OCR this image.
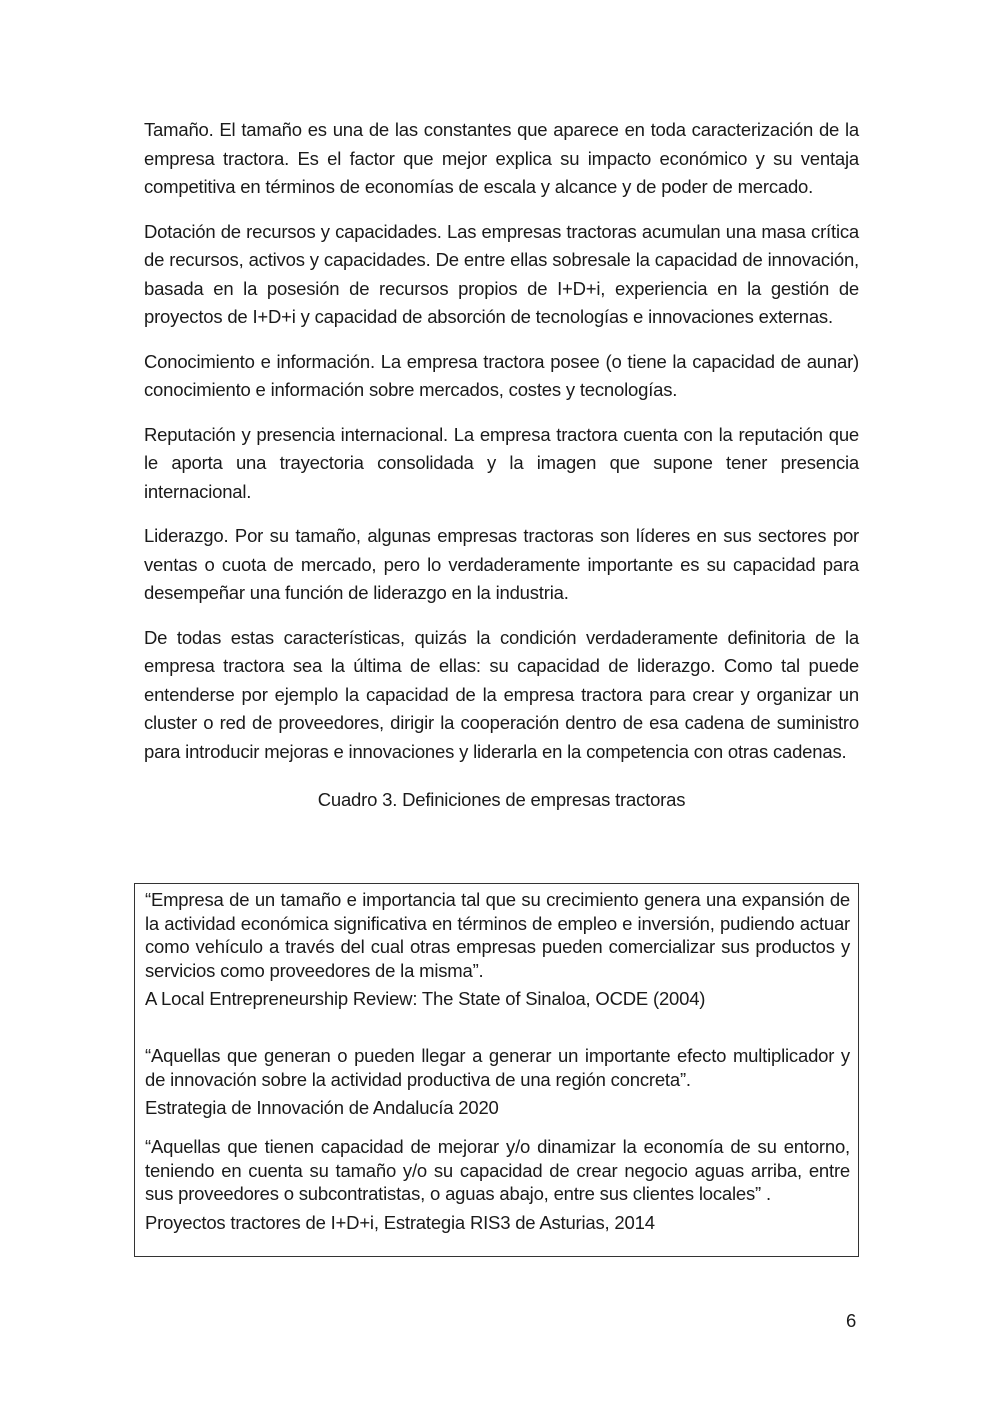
Tamaño. El tamaño es una de las constantes que aparece en toda caracterización de la empresa tractora. Es el factor que mejor explica su impacto económico y su ventaja competitiva en términos de economías de escala y alcance y de poder de mercado.

Dotación de recursos y capacidades. Las empresas tractoras acumulan una masa crítica de recursos, activos y capacidades. De entre ellas sobresale la capacidad de innovación, basada en la posesión de recursos propios de I+D+i, experiencia en la gestión de proyectos de I+D+i y capacidad de absorción de tecnologías e innovaciones externas.

Conocimiento e información. La empresa tractora posee (o tiene la capacidad de aunar) conocimiento e información sobre mercados, costes y tecnologías.

Reputación y presencia internacional. La empresa tractora cuenta con la reputación que le aporta una trayectoria consolidada y la imagen que supone tener presencia internacional.

Liderazgo. Por su tamaño, algunas empresas tractoras son líderes en sus sectores por ventas o cuota de mercado, pero lo verdaderamente importante es su capacidad para desempeñar una función de liderazgo en la industria.

De todas estas características, quizás la condición verdaderamente definitoria de la empresa tractora sea la última de ellas: su capacidad de liderazgo. Como tal puede entenderse por ejemplo la capacidad de la empresa tractora para crear y organizar un cluster o red de proveedores, dirigir la cooperación dentro de esa cadena de suministro para introducir mejoras e innovaciones y liderarla en la competencia con otras cadenas.

Cuadro 3. Definiciones de empresas tractoras

“Empresa de un tamaño e importancia tal que su crecimiento genera una expansión de la actividad económica significativa en términos de empleo e inversión, pudiendo actuar como vehículo a través del cual otras empresas pueden comercializar sus productos y servicios como proveedores de la misma”.

A Local Entrepreneurship Review: The State of Sinaloa, OCDE (2004)

“Aquellas que generan o pueden llegar a generar un importante efecto multiplicador y de innovación sobre la actividad productiva de una región concreta”.

Estrategia de Innovación de Andalucía 2020

“Aquellas que tienen capacidad de mejorar y/o dinamizar la economía de su entorno, teniendo en cuenta su tamaño y/o su capacidad de crear negocio aguas arriba, entre sus proveedores o subcontratistas, o aguas abajo, entre sus clientes locales” .

Proyectos tractores de I+D+i, Estrategia RIS3 de Asturias, 2014

6
